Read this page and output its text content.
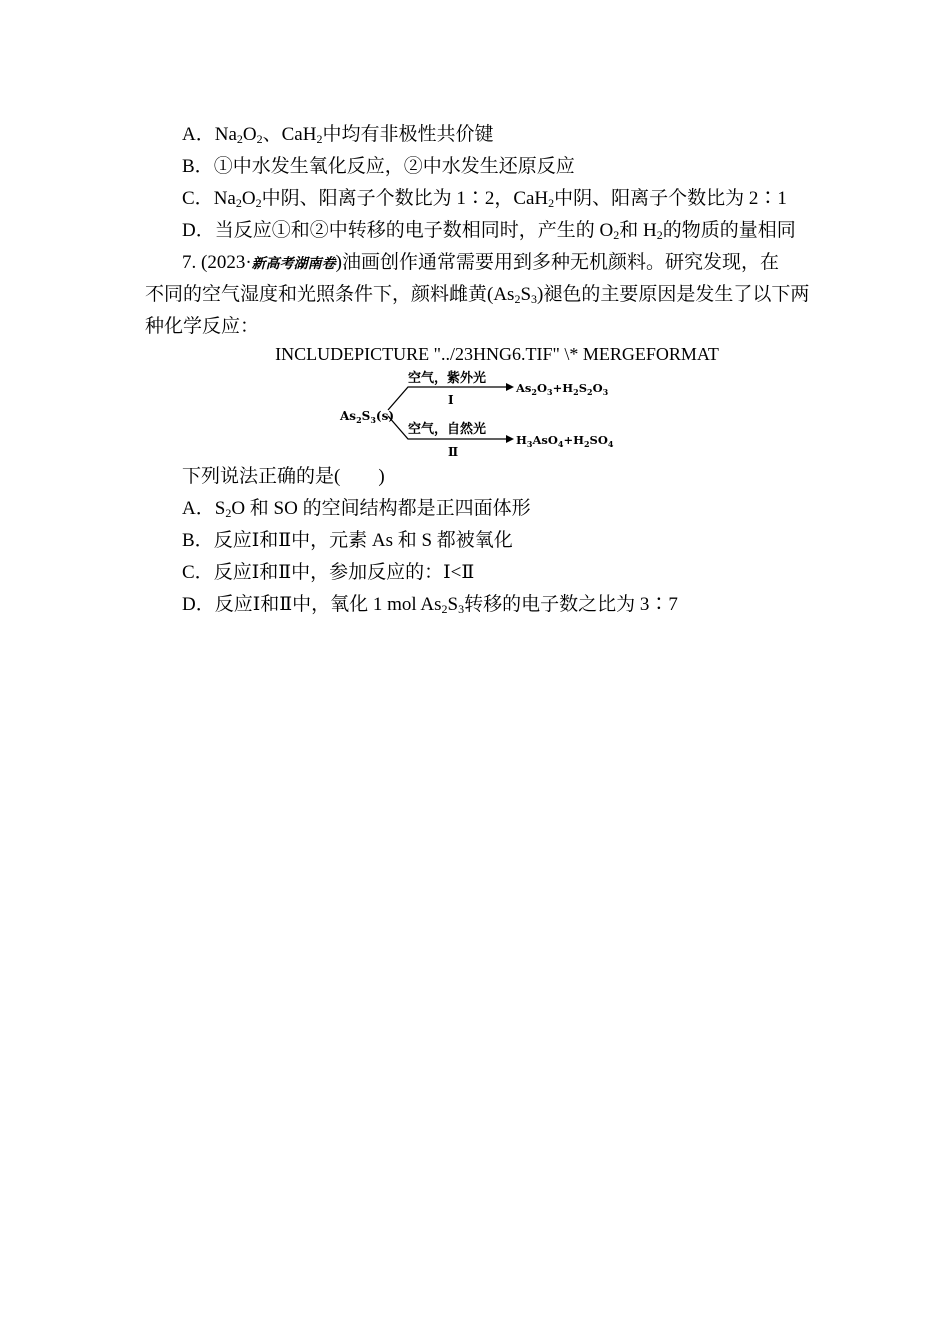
A．$Na_2O_2$、CaH$_2$中均有非极性共价键
B．①中水发生氧化反应，②中水发生还原反应
C．$Na_2O_2$中阴、阳离子个数比为 1∶2，CaH$_2$中阴、阳离子个数比为 2∶1
D．当反应①和②中转移的电子数相同时，产生的 $O_2$和 $H_2$的物质的量相同
7. (2023·新高考湖南卷)油画创作通常需要用到多种无机颜料。研究发现，在
不同的空气湿度和光照条件下，颜料雌黄$(As_2S_3)$褪色的主要原因是发生了以下两
种化学反应：
INCLUDEPICTURE "../23HNG6.TIF" \* MERGEFORMAT
$As_2S_3(s)$
空气，紫外光
Ⅰ
$As_2O_3+H_2S_2O_3$
空气，自然光
Ⅱ
$H_3AsO_4+H_2SO_4$
下列说法正确的是(　　)
A．$S_2O$ 和 SO 的空间结构都是正四面体形
B．反应Ⅰ和Ⅱ中，元素 As 和 S 都被氧化
C．反应Ⅰ和Ⅱ中，参加反应的：Ⅰ<Ⅱ
D．反应Ⅰ和Ⅱ中，氧化 1 mol $As_2S_3$转移的电子数之比为 3∶7
